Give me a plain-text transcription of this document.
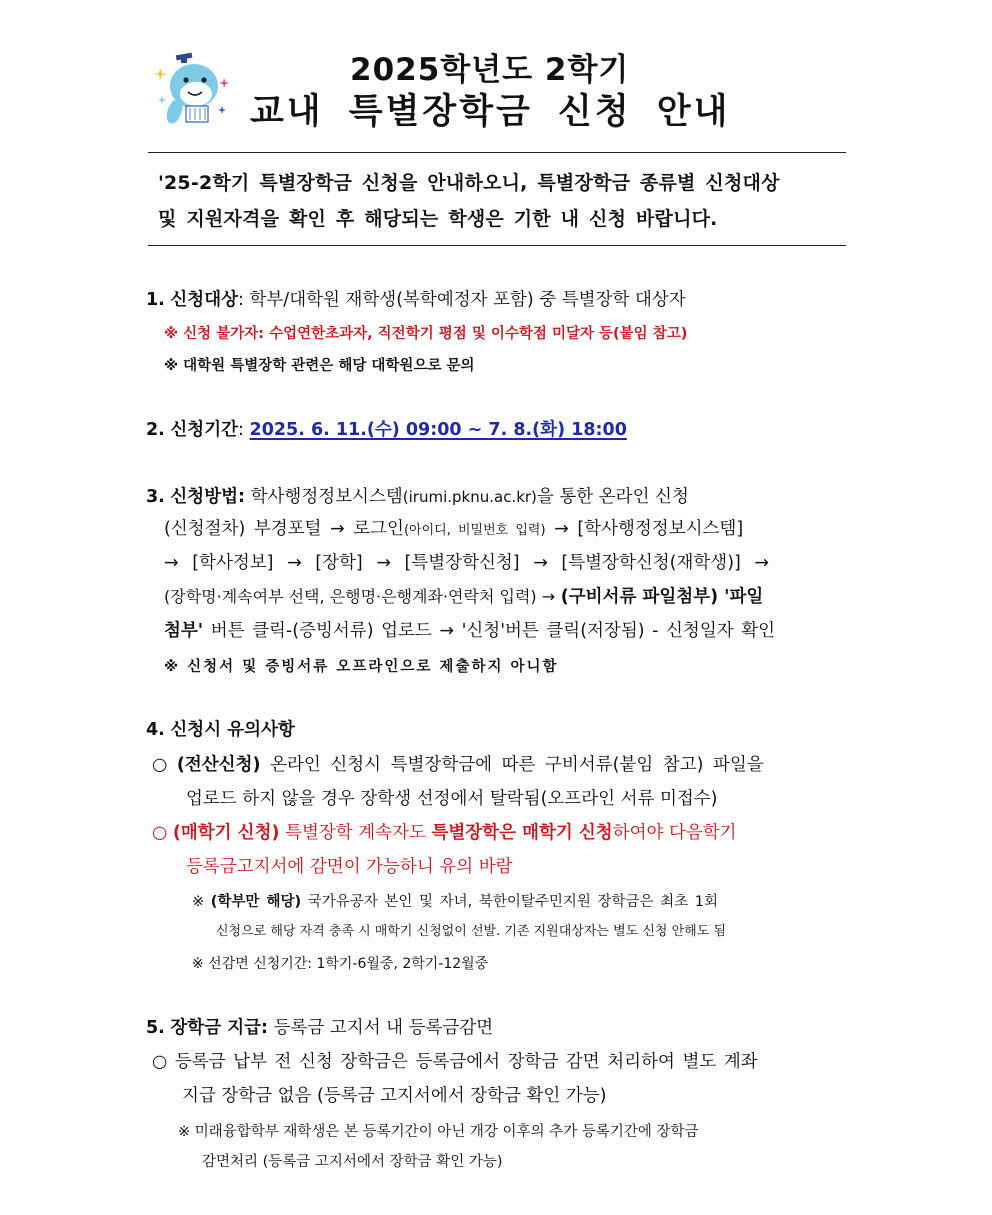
2025학년도 2학기
교내 특별장학금 신청 안내
'25-2학기 특별장학금 신청을 안내하오니, 특별장학금 종류별 신청대상
및 지원자격을 확인 후 해당되는 학생은 기한 내 신청 바랍니다.
1. 신청대상: 학부/대학원 재학생(복학예정자 포함) 중 특별장학 대상자
※ 신청 불가자: 수업연한초과자, 직전학기 평점 및 이수학점 미달자 등(붙임 참고)
※ 대학원 특별장학 관련은 해당 대학원으로 문의
2. 신청기간: 2025. 6. 11.(수) 09:00 ~ 7. 8.(화) 18:00
3. 신청방법: 학사행정정보시스템(irumi.pknu.ac.kr)을 통한 온라인 신청
(신청절차) 부경포털 → 로그인(아이디, 비밀번호 입력) → [학사행정정보시스템]
→ [학사정보] → [장학] → [특별장학신청] → [특별장학신청(재학생)] →
(장학명·계속여부 선택, 은행명·은행계좌·연락처 입력) → (구비서류 파일첨부) '파일
첨부' 버튼 클릭-(증빙서류) 업로드 → '신청'버튼 클릭(저장됨) - 신청일자 확인
※ 신청서 및 증빙서류 오프라인으로 제출하지 아니함
4. 신청시 유의사항
○ (전산신청) 온라인 신청시 특별장학금에 따른 구비서류(붙임 참고) 파일을
업로드 하지 않을 경우 장학생 선정에서 탈락됨(오프라인 서류 미접수)
○ (매학기 신청) 특별장학 계속자도 특별장학은 매학기 신청하여야 다음학기
등록금고지서에 감면이 가능하니 유의 바람
※ (학부만 해당) 국가유공자 본인 및 자녀, 북한이탈주민지원 장학금은 최초 1회
신청으로 해당 자격 충족 시 매학기 신청없이 선발. 기존 지원대상자는 별도 신청 안해도 됨
※ 선감면 신청기간: 1학기-6월중, 2학기-12월중
5. 장학금 지급: 등록금 고지서 내 등록금감면
○ 등록금 납부 전 신청 장학금은 등록금에서 장학금 감면 처리하여 별도 계좌
지급 장학금 없음 (등록금 고지서에서 장학금 확인 가능)
※ 미래융합학부 재학생은 본 등록기간이 아닌 개강 이후의 추가 등록기간에 장학금
감면처리 (등록금 고지서에서 장학금 확인 가능)
